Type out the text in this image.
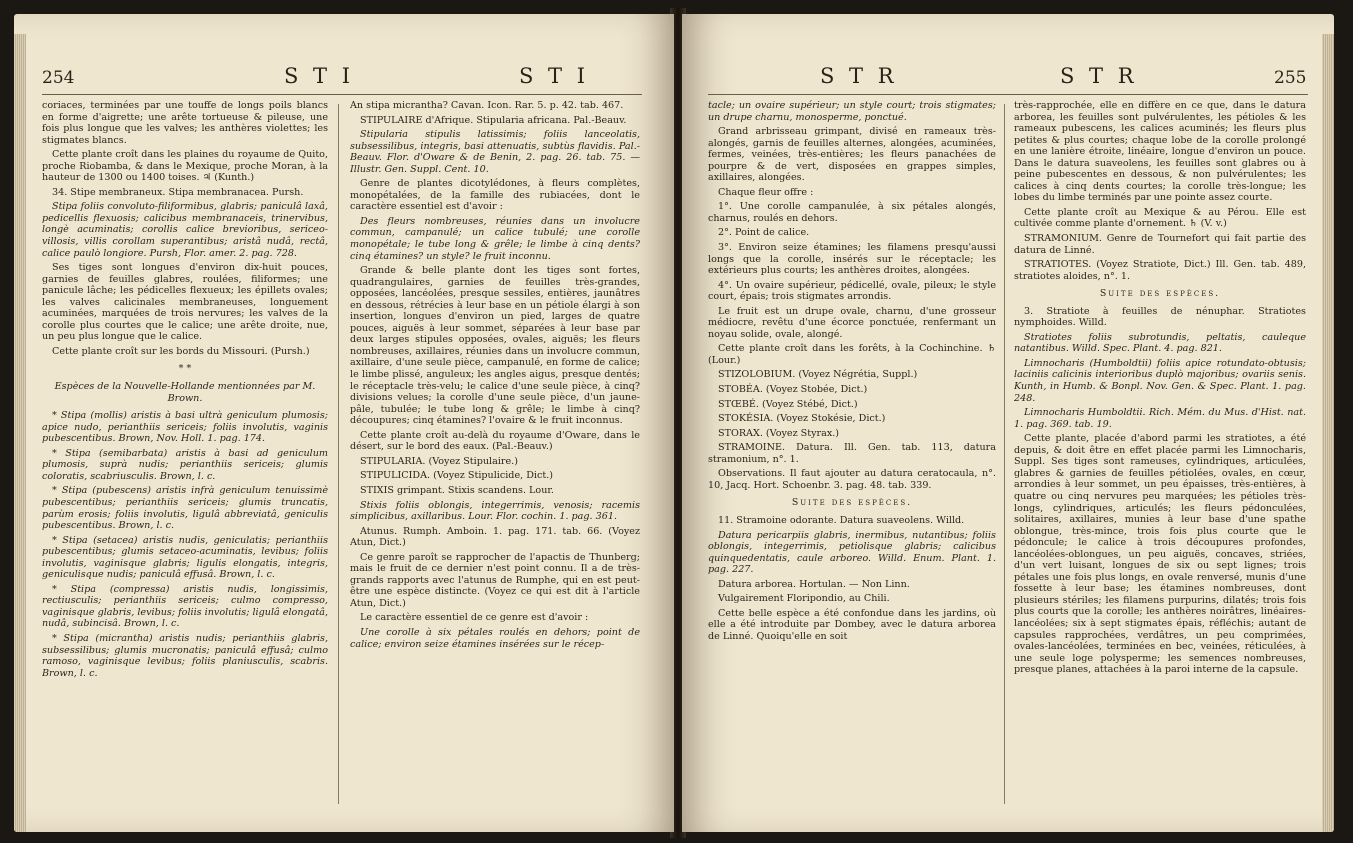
254	S T I	S T I

coriaces, terminées par une touffe de longs poils blancs en forme d'aigrette; une arête tortueuse & pileuse, une fois plus longue que les valves; les anthères violettes; les stigmates blancs.

Cette plante croît dans les plaines du royaume de Quito, proche Riobamba, & dans le Mexique, proche Moran, à la hauteur de 1300 ou 1400 toises. ♃ (Kunth.)

34. Stipe membraneux. Stipa membranacea. Pursh.

Stipa foliis convoluto-filiformibus, glabris; paniculâ laxâ, pedicellis flexuosis; calicibus membranaceis, trinervibus, longè acuminatis; corollis calice brevioribus, sericeo-villosis, villis corollam superantibus; aristâ nudâ, rectâ, calice paulò longiore. Pursh, Flor. amer. 2. pag. 728.

Ses tiges sont longues d'environ dix-huit pouces, garnies de feuilles glabres, roulées, filiformes; une panicule lâche; les pédicelles flexueux; les épillets ovales; les valves calicinales membraneuses, longuement acuminées, marquées de trois nervures; les valves de la corolle plus courtes que le calice; une arête droite, nue, un peu plus longue que le calice.

Cette plante croît sur les bords du Missouri. (Pursh.)

* *

Espèces de la Nouvelle-Hollande mentionnées par M. Brown.

* Stipa (mollis) aristis à basi ultrà geniculum plumosis; apice nudo, perianthiis sericeis; foliis involutis, vaginis pubescentibus. Brown, Nov. Holl. 1. pag. 174.

* Stipa (semibarbata) aristis à basi ad geniculum plumosis, suprà nudis; perianthiis sericeis; glumis coloratis, scabriusculis. Brown, l. c.

* Stipa (pubescens) aristis infrà geniculum tenuissimè pubescentibus; perianthiis sericeis; glumis truncatis, parùm erosis; foliis involutis, ligulâ abbreviatâ, geniculis pubescentibus. Brown, l. c.

* Stipa (setacea) aristis nudis, geniculatis; perianthiis pubescentibus; glumis setaceo-acuminatis, levibus; foliis involutis, vaginisque glabris; ligulis elongatis, integris, geniculisque nudis; paniculâ effusâ. Brown, l. c.

* Stipa (compressa) aristis nudis, longissimis, rectiusculis; perianthiis sericeis; culmo compresso, vaginisque glabris, levibus; foliis involutis; ligulâ elongatâ, nudâ, subincisâ. Brown, l. c.

* Stipa (micrantha) aristis nudis; perianthiis glabris, subsessilibus; glumis mucronatis; paniculâ effusâ; culmo ramoso, vaginisque levibus; foliis planiusculis, scabris. Brown, l. c.

An stipa micrantha? Cavan. Icon. Rar. 5. p. 42. tab. 467.

STIPULAIRE d'Afrique. Stipularia africana. Pal.-Beauv.

Stipularia stipulis latissimis; foliis lanceolatis, subsessilibus, integris, basi attenuatis, subtùs flavidis. Pal.-Beauv. Flor. d'Oware & de Benin, 2. pag. 26. tab. 75. — Illustr. Gen. Suppl. Cent. 10.

Genre de plantes dicotylédones, à fleurs complètes, monopétalées, de la famille des rubiacées, dont le caractère essentiel est d'avoir :

Des fleurs nombreuses, réunies dans un involucre commun, campanulé; un calice tubulé; une corolle monopétale; le tube long & grêle; le limbe à cinq dents? cinq étamines? un style? le fruit inconnu.

Grande & belle plante dont les tiges sont fortes, quadrangulaires, garnies de feuilles très-grandes, opposées, lancéolées, presque sessiles, entières, jaunâtres en dessous, rétrécies à leur base en un pétiole élargi à son insertion, longues d'environ un pied, larges de quatre pouces, aiguës à leur sommet, séparées à leur base par deux larges stipules opposées, ovales, aiguës; les fleurs nombreuses, axillaires, réunies dans un involucre commun, axillaire, d'une seule pièce, campanulé, en forme de calice; le limbe plissé, anguleux; les angles aigus, presque dentés; le réceptacle très-velu; le calice d'une seule pièce, à cinq? divisions velues; la corolle d'une seule pièce, d'un jaune-pâle, tubulée; le tube long & grêle; le limbe à cinq? découpures; cinq étamines? l'ovaire & le fruit inconnus.

Cette plante croît au-delà du royaume d'Oware, dans le désert, sur le bord des eaux. (Pal.-Beauv.)

STIPULARIA. (Voyez Stipulaire.)

STIPULICIDA. (Voyez Stipulicide, Dict.)

STIXIS grimpant. Stixis scandens. Lour.

Stixis foliis oblongis, integerrimis, venosis; racemis simplicibus, axillaribus. Lour. Flor. cochin. 1. pag. 361.

Atunus. Rumph. Amboin. 1. pag. 171. tab. 66. (Voyez Atun, Dict.)

Ce genre paroît se rapprocher de l'apactis de Thunberg; mais le fruit de ce dernier n'est point connu. Il a de très-grands rapports avec l'atunus de Rumphe, qui en est peut-être une espèce distincte. (Voyez ce qui est dit à l'article Atun, Dict.)

Le caractère essentiel de ce genre est d'avoir :

Une corolle à six pétales roulés en dehors; point de calice; environ seize étamines insérées sur le récep-

S T R	S T R	255

tacle; un ovaire supérieur; un style court; trois stigmates; un drupe charnu, monosperme, ponctué.

Grand arbrisseau grimpant, divisé en rameaux très-alongés, garnis de feuilles alternes, alongées, acuminées, fermes, veinées, très-entières; les fleurs panachées de pourpre & de vert, disposées en grappes simples, axillaires, alongées.

Chaque fleur offre :

1°. Une corolle campanulée, à six pétales alongés, charnus, roulés en dehors.

2°. Point de calice.

3°. Environ seize étamines; les filamens presqu'aussi longs que la corolle, insérés sur le réceptacle; les extérieurs plus courts; les anthères droites, alongées.

4°. Un ovaire supérieur, pédicellé, ovale, pileux; le style court, épais; trois stigmates arrondis.

Le fruit est un drupe ovale, charnu, d'une grosseur médiocre, revêtu d'une écorce ponctuée, renfermant un noyau solide, ovale, alongé.

Cette plante croît dans les forêts, à la Cochinchine. ♄ (Lour.)

STIZOLOBIUM. (Voyez Négrétia, Suppl.)

STOBÉA. (Voyez Stobée, Dict.)

STŒBÉ. (Voyez Stébé, Dict.)

STOKÉSIA. (Voyez Stokésie, Dict.)

STORAX. (Voyez Styrax.)

STRAMOINE. Datura. Ill. Gen. tab. 113, datura stramonium, n°. 1.

Observations. Il faut ajouter au datura ceratocaula, n°. 10, Jacq. Hort. Schoenbr. 3. pag. 48. tab. 339.

Suite des espèces.

11. Stramoine odorante. Datura suaveolens. Willd.

Datura pericarpiis glabris, inermibus, nutantibus; foliis oblongis, integerrimis, petiolisque glabris; calicibus quinquedentatis, caule arboreo. Willd. Enum. Plant. 1. pag. 227.

Datura arborea. Hortulan. — Non Linn.

Vulgairement Floripondio, au Chili.

Cette belle espèce a été confondue dans les jardins, où elle a été introduite par Dombey, avec le datura arborea de Linné. Quoiqu'elle en soit

très-rapprochée, elle en diffère en ce que, dans le datura arborea, les feuilles sont pulvérulentes, les pétioles & les rameaux pubescens, les calices acuminés; les fleurs plus petites & plus courtes; chaque lobe de la corolle prolongé en une lanière étroite, linéaire, longue d'environ un pouce. Dans le datura suaveolens, les feuilles sont glabres ou à peine pubescentes en dessous, & non pulvérulentes; les calices à cinq dents courtes; la corolle très-longue; les lobes du limbe terminés par une pointe assez courte.

Cette plante croît au Mexique & au Pérou. Elle est cultivée comme plante d'ornement. ♄ (V. v.)

STRAMONIUM. Genre de Tournefort qui fait partie des datura de Linné.

STRATIOTES. (Voyez Stratiote, Dict.) Ill. Gen. tab. 489, stratiotes aloides, n°. 1.

Suite des espèces.

3. Stratiote à feuilles de nénuphar. Stratiotes nymphoides. Willd.

Stratiotes foliis subrotundis, peltatis, cauleque natantibus. Willd. Spec. Plant. 4. pag. 821.

Limnocharis (Humboldtii) foliis apice rotundato-obtusis; laciniis calicinis interioribus duplò majoribus; ovariis senis. Kunth, in Humb. & Bonpl. Nov. Gen. & Spec. Plant. 1. pag. 248.

Limnocharis Humboldtii. Rich. Mém. du Mus. d'Hist. nat. 1. pag. 369. tab. 19.

Cette plante, placée d'abord parmi les stratiotes, a été depuis, & doit être en effet placée parmi les Limnocharis, Suppl. Ses tiges sont rameuses, cylindriques, articulées, glabres & garnies de feuilles pétiolées, ovales, en cœur, arrondies à leur sommet, un peu épaisses, très-entières, à quatre ou cinq nervures peu marquées; les pétioles très-longs, cylindriques, articulés; les fleurs pédonculées, solitaires, axillaires, munies à leur base d'une spathe oblongue, très-mince, trois fois plus courte que le pédoncule; le calice à trois découpures profondes, lancéolées-oblongues, un peu aiguës, concaves, striées, d'un vert luisant, longues de six ou sept lignes; trois pétales une fois plus longs, en ovale renversé, munis d'une fossette à leur base; les étamines nombreuses, dont plusieurs stériles; les filamens purpurins, dilatés; trois fois plus courts que la corolle; les anthères noirâtres, linéaires-lancéolées; six à sept stigmates épais, réfléchis; autant de capsules rapprochées, verdâtres, un peu comprimées, ovales-lancéolées, terminées en bec, veinées, réticulées, à une seule loge polysperme; les semences nombreuses, presque planes, attachées à la paroi interne de la capsule.
